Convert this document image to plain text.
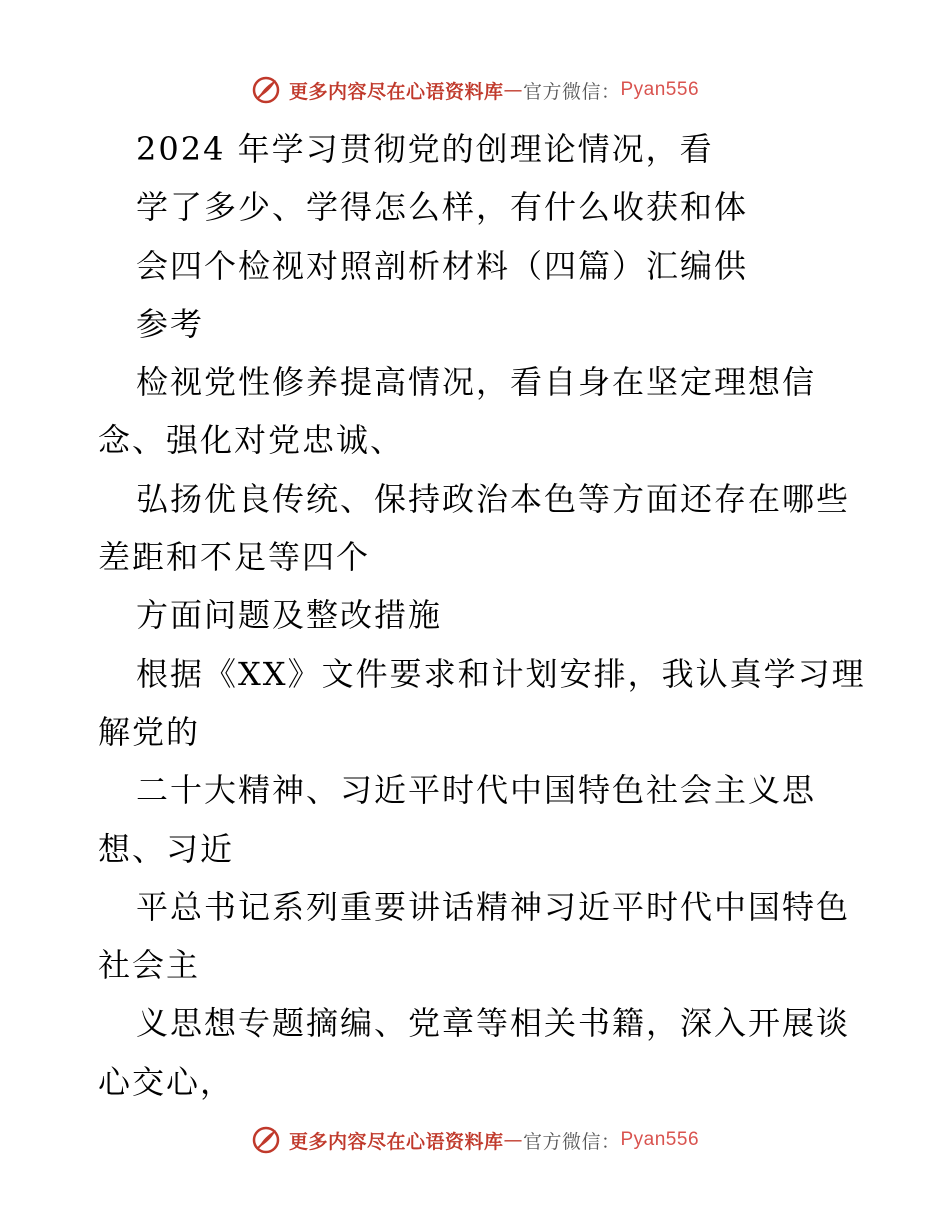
更多内容尽在心语资料库 — 官方微信： Pyan556
2024 年学习贯彻党的创理论情况，看
学了多少、学得怎么样，有什么收获和体
会四个检视对照剖析材料（四篇）汇编供
参考
检视党性修养提高情况，看自身在坚定理想信
念、强化对党忠诚、
弘扬优良传统、保持政治本色等方面还存在哪些
差距和不足等四个
方面问题及整改措施
根据《XX》文件要求和计划安排，我认真学习理
解党的
二十大精神、习近平时代中国特色社会主义思
想、习近
平总书记系列重要讲话精神习近平时代中国特色
社会主
义思想专题摘编、党章等相关书籍，深入开展谈
心交心，
更多内容尽在心语资料库 — 官方微信： Pyan556
